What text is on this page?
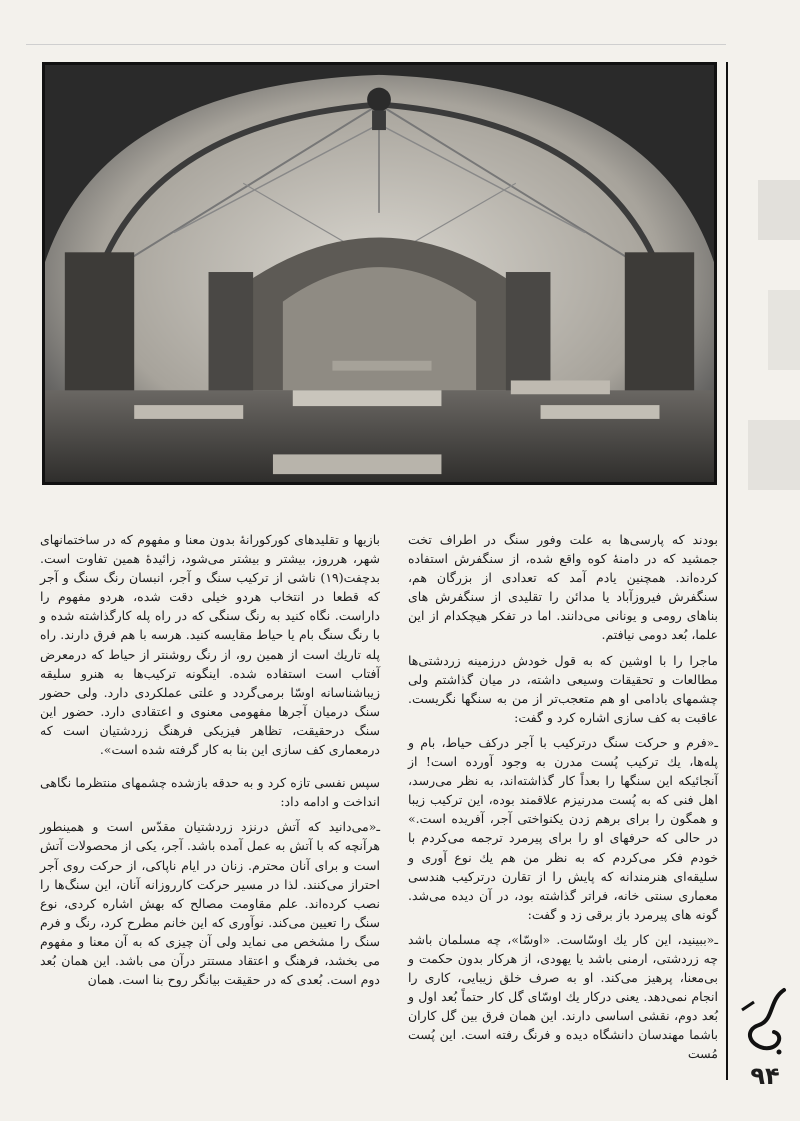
بودند که پارسی‌ها به علت وفور سنگ در اطراف تخت جمشید که در دامنهٔ کوه واقع شده، از سنگفرش استفاده کرده‌اند. همچنین یادم آمد که تعدادی از بزرگان هم، سنگفرش فیروزآباد یا مدائن را تقلیدی از سنگفرش های بناهای رومی و یونانی می‌دانند. اما در تفکر هیچکدام از این علما، بُعد دومی نیافتم.

ماجرا را با اوشین که به قول خودش درزمینه زردشتی‌ها مطالعات و تحقیقات وسیعی داشته، در میان گذاشتم ولی چشمهای بادامی او هم متعجب‌تر از من به سنگها نگریست. عاقبت به کف سازی اشاره کرد و گفت:

ـ«فرم و حرکت سنگ درترکیب با آجر درکف حیاط، بام و پله‌ها، یك ترکیب پُست مدرن به وجود آورده است! از آنجائیکه این سنگها را بعداً کار گذاشته‌اند، به نظر می‌رسد، اهل فنی که به پُست مدرنیزم علاقمند بوده، این ترکیب زیبا و همگون را برای برهم زدن یکنواختی آجر، آفریده است.» در حالی که حرفهای او را برای پیرمرد ترجمه می‌کردم با خودم فکر می‌کردم که به نظر من هم یك نوع آوری و سلیقه‌ای هنرمندانه که پایش را از تقارن درترکیب هندسی معماری سنتی خانه، فراتر گذاشته بود، در آن دیده می‌شد. گونه های پیرمرد باز برقی زد و گفت:

ـ«ببینید، این کار یك اوسّاست. «اوسّا»، چه مسلمان باشد چه زردشتی، ارمنی باشد یا یهودی، از هرکار بدون حکمت و بی‌معنا، پرهیز می‌کند. او به صرف خلق زیبایی، کاری را انجام نمی‌دهد. یعنی درکار یك اوسّای گل کار حتماً بُعد اول و بُعد دوم، نقشی اساسی دارند. این همان فرق بین گل کاران باشما مهندسان دانشگاه دیده و فرنگ رفته است. این پُست مُست

بازیها و تقلیدهای کورکورانهٔ بدون معنا و مفهوم که در ساختمانهای شهر، هرروز، بیشتر و بیشتر می‌شود، زائیدهٔ همین تفاوت است. بدچفت(۱۹) ناشی از ترکیب سنگ و آجر، انبسان رنگ سنگ و آجر که قطعا در انتخاب هردو خیلی دقت شده، هردو مفهوم را داراست. نگاه کنید به رنگ سنگی که در راه پله کارگذاشته شده و با رنگ سنگ بام یا حیاط مقایسه کنید. هرسه با هم فرق دارند. راه پله تاریك است از همین رو، از رنگ روشنتر از حیاط که درمعرض آفتاب است استفاده شده. اینگونه ترکیب‌ها به هنرو سلیقه زیباشناسانه اوسّا برمی‌گردد و علتی عملکردی دارد. ولی حضور سنگ درمیان آجرها مفهومی معنوی و اعتقادی دارد. حضور این سنگ درحقیقت، تظاهر فیزیکی فرهنگ زردشتیان است که درمعماری کف سازی این بنا به کار گرفته شده است».

سپس نفسی تازه کرد و به حدقه بازشده چشمهای منتظرما نگاهی انداخت و ادامه داد:

ـ«می‌دانید که آتش درنزد زردشتیان مقدّس است و همینطور هرآنچه که با آتش به عمل آمده باشد. آجر، یکی از محصولات آتش است و برای آنان محترم. زنان در ایام ناپاکی، از حرکت روی آجر احتراز می‌کنند. لذا در مسیر حرکت کارروزانه آنان، این سنگ‌ها را نصب کرده‌اند. علم مقاومت مصالح که بهش اشاره کردی، نوع سنگ را تعیین می‌کند. نوآوری که این خانم مطرح کرد، رنگ و فرم سنگ را مشخص می نماید ولی آن چیزی که به آن معنا و مفهوم می بخشد، فرهنگ و اعتقاد مستتر درآن می باشد. این همان بُعد دوم است. بُعدی که در حقیقت بیانگر روح بنا است. همان

۹۴
